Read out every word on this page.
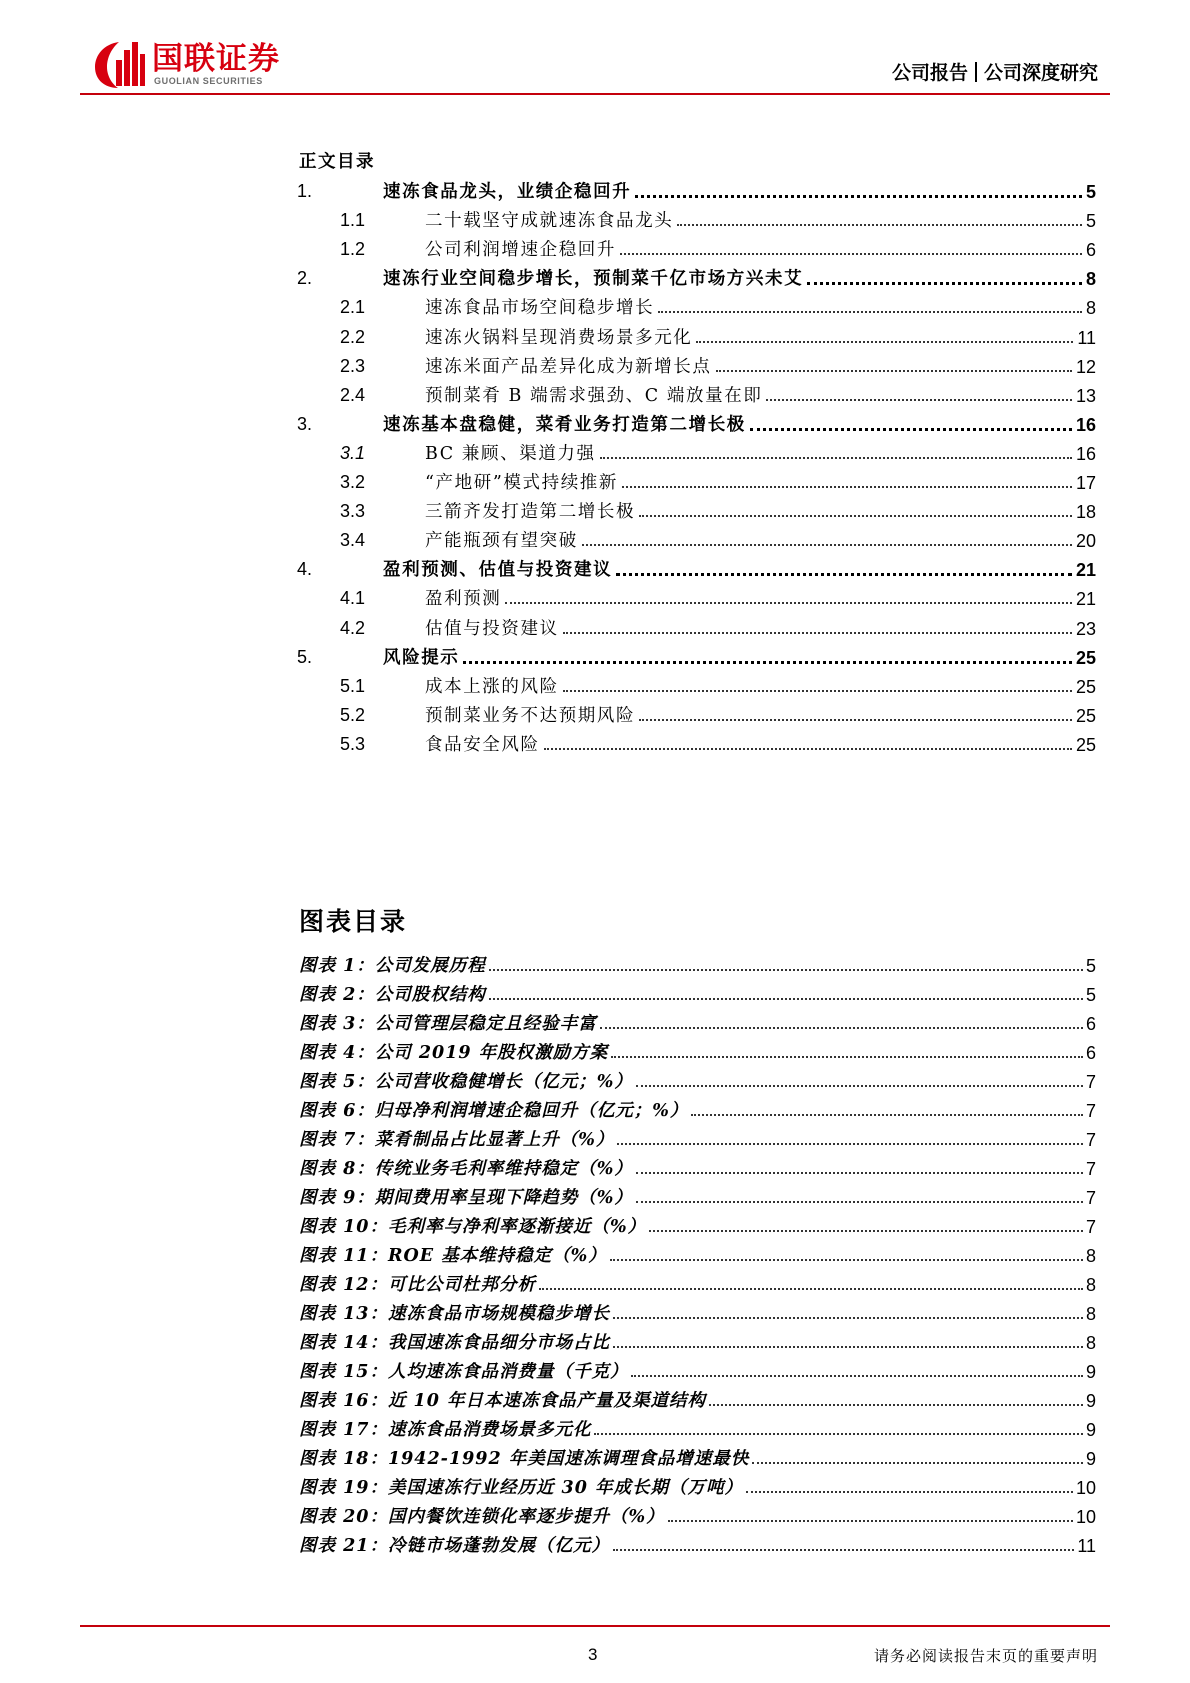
国联证券
GUOLIAN SECURITIES	公司报告 公司深度研究
正文目录
1.	速冻食品龙头，业绩企稳回升	5
1.1	二十载坚守成就速冻食品龙头	5
1.2	公司利润增速企稳回升	6
2.	速冻行业空间稳步增长，预制菜千亿市场方兴未艾	8
2.1	速冻食品市场空间稳步增长	8
2.2	速冻火锅料呈现消费场景多元化	11
2.3	速冻米面产品差异化成为新增长点	12
2.4	预制菜肴 B 端需求强劲、C 端放量在即	13
3.	速冻基本盘稳健，菜肴业务打造第二增长极	16
3.1	BC 兼顾、渠道力强	16
3.2	“产地研”模式持续推新	17
3.3	三箭齐发打造第二增长极	18
3.4	产能瓶颈有望突破	20
4.	盈利预测、估值与投资建议	21
4.1	盈利预测	21
4.2	估值与投资建议	23
5.	风险提示	25
5.1	成本上涨的风险	25
5.2	预制菜业务不达预期风险	25
5.3	食品安全风险	25
图表目录
图表 1：公司发展历程	5
图表 2：公司股权结构	5
图表 3：公司管理层稳定且经验丰富	6
图表 4：公司 2019 年股权激励方案	6
图表 5：公司营收稳健增长（亿元；%）	7
图表 6：归母净利润增速企稳回升（亿元；%）	7
图表 7：菜肴制品占比显著上升（%）	7
图表 8：传统业务毛利率维持稳定（%）	7
图表 9：期间费用率呈现下降趋势（%）	7
图表 10：毛利率与净利率逐渐接近（%）	7
图表 11：ROE 基本维持稳定（%）	8
图表 12：可比公司杜邦分析	8
图表 13：速冻食品市场规模稳步增长	8
图表 14：我国速冻食品细分市场占比	8
图表 15：人均速冻食品消费量（千克）	9
图表 16：近 10 年日本速冻食品产量及渠道结构	9
图表 17：速冻食品消费场景多元化	9
图表 18：1942-1992 年美国速冻调理食品增速最快	9
图表 19：美国速冻行业经历近 30 年成长期（万吨）	10
图表 20：国内餐饮连锁化率逐步提升（%）	10
图表 21：冷链市场蓬勃发展（亿元）	11
3	请务必阅读报告末页的重要声明
